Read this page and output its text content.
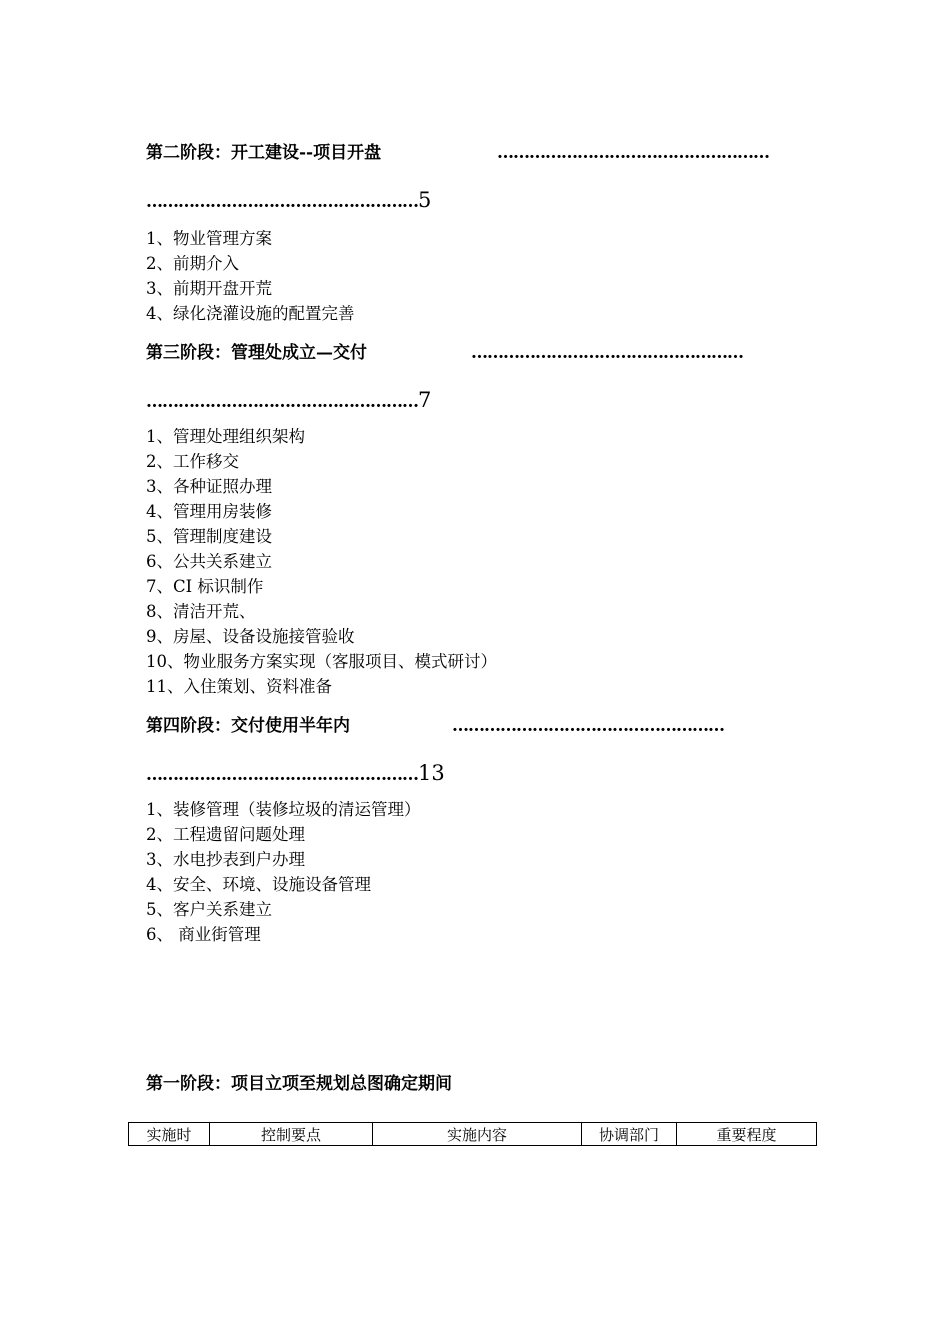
第二阶段：开工建设--项目开盘	……………………………………………
……………………………………………5
1、物业管理方案
2、前期介入
3、前期开盘开荒
4、绿化浇灌设施的配置完善
第三阶段：管理处成立—交付	……………………………………………
……………………………………………7
1、管理处理组织架构
2、工作移交
3、各种证照办理
4、管理用房装修
5、管理制度建设
6、公共关系建立
7、CI 标识制作
8、清洁开荒、
9、房屋、设备设施接管验收
10、物业服务方案实现（客服项目、模式研讨）
11、入住策划、资料准备
第四阶段：交付使用半年内	……………………………………………
……………………………………………13
1、装修管理（装修垃圾的清运管理）
2、工程遗留问题处理
3、水电抄表到户办理
4、安全、环境、设施设备管理
5、客户关系建立
6、 商业街管理
第一阶段：项目立项至规划总图确定期间
实施时	控制要点	实施内容	协调部门	重要程度
